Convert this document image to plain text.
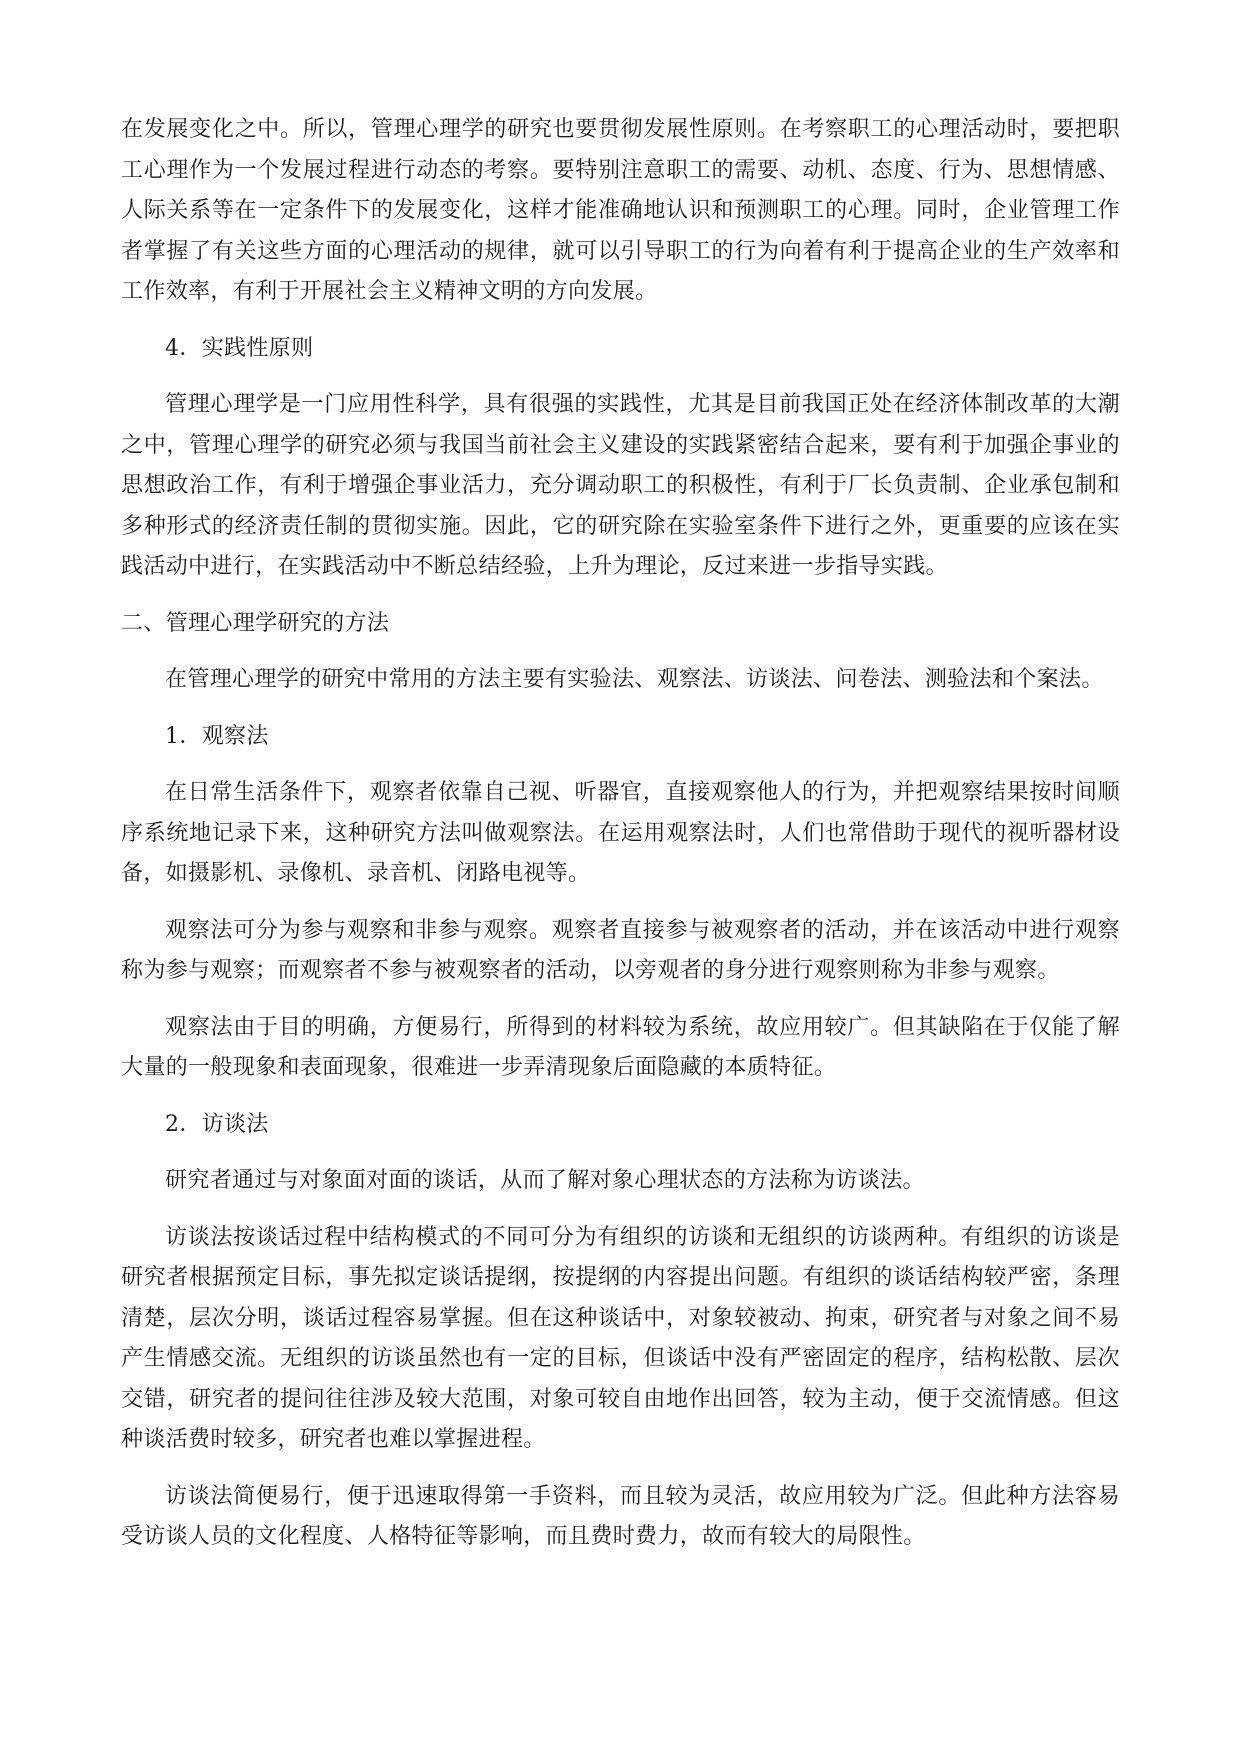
在发展变化之中。所以，管理心理学的研究也要贯彻发展性原则。在考察职工的心理活动时，要把职工心理作为一个发展过程进行动态的考察。要特别注意职工的需要、动机、态度、行为、思想情感、人际关系等在一定条件下的发展变化，这样才能准确地认识和预测职工的心理。同时，企业管理工作者掌握了有关这些方面的心理活动的规律，就可以引导职工的行为向着有利于提高企业的生产效率和工作效率，有利于开展社会主义精神文明的方向发展。

4．实践性原则

管理心理学是一门应用性科学，具有很强的实践性，尤其是目前我国正处在经济体制改革的大潮之中，管理心理学的研究必须与我国当前社会主义建设的实践紧密结合起来，要有利于加强企事业的思想政治工作，有利于增强企事业活力，充分调动职工的积极性，有利于厂长负责制、企业承包制和多种形式的经济责任制的贯彻实施。因此，它的研究除在实验室条件下进行之外，更重要的应该在实践活动中进行，在实践活动中不断总结经验，上升为理论，反过来进一步指导实践。

二、管理心理学研究的方法

在管理心理学的研究中常用的方法主要有实验法、观察法、访谈法、问卷法、测验法和个案法。

1．观察法

在日常生活条件下，观察者依靠自己视、听器官，直接观察他人的行为，并把观察结果按时间顺序系统地记录下来，这种研究方法叫做观察法。在运用观察法时，人们也常借助于现代的视听器材设备，如摄影机、录像机、录音机、闭路电视等。

观察法可分为参与观察和非参与观察。观察者直接参与被观察者的活动，并在该活动中进行观察称为参与观察；而观察者不参与被观察者的活动，以旁观者的身分进行观察则称为非参与观察。

观察法由于目的明确，方便易行，所得到的材料较为系统，故应用较广。但其缺陷在于仅能了解大量的一般现象和表面现象，很难进一步弄清现象后面隐藏的本质特征。

2．访谈法

研究者通过与对象面对面的谈话，从而了解对象心理状态的方法称为访谈法。

访谈法按谈话过程中结构模式的不同可分为有组织的访谈和无组织的访谈两种。有组织的访谈是研究者根据预定目标，事先拟定谈话提纲，按提纲的内容提出问题。有组织的谈话结构较严密，条理清楚，层次分明，谈话过程容易掌握。但在这种谈话中，对象较被动、拘束，研究者与对象之间不易产生情感交流。无组织的访谈虽然也有一定的目标，但谈话中没有严密固定的程序，结构松散、层次交错，研究者的提问往往涉及较大范围，对象可较自由地作出回答，较为主动，便于交流情感。但这种谈活费时较多，研究者也难以掌握进程。

访谈法简便易行，便于迅速取得第一手资料，而且较为灵活，故应用较为广泛。但此种方法容易受访谈人员的文化程度、人格特征等影响，而且费时费力，故而有较大的局限性。
